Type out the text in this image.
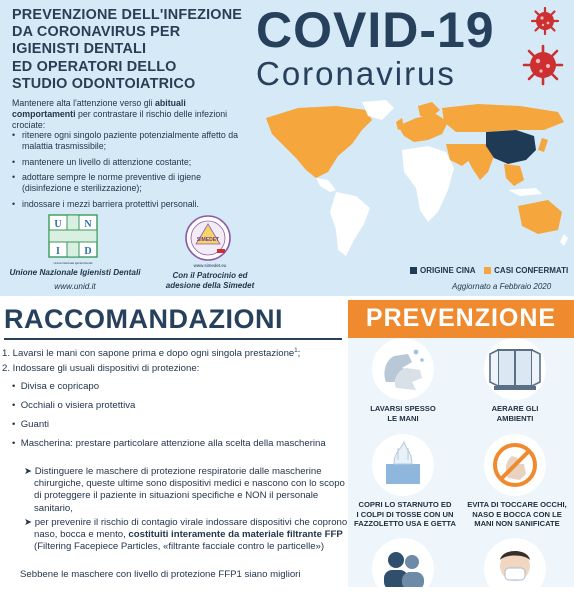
PREVENZIONE DELL'INFEZIONE
DA CORONAVIRUS PER
IGIENISTI DENTALI
ED OPERATORI DELLO
STUDIO ODONTOIATRICO
COVID-19
Coronavirus
Mantenere alta l'attenzione verso gli abituali comportamenti per contrastare il rischio delle infezioni crociate:
• ritenere ogni singolo paziente potenzialmente affetto da malattia trasmissibile;
• mantenere un livello di attenzione costante;
• adottare sempre le norme preventive di igiene (disinfezione e sterilizzazione);
• indossare i mezzi barriera protettivi personali.
U N
I D
Unione Nazionale Igienisti Dentali
Unione Nazionale Igienisti Dentali
www.unid.it
SIMEDET
www.simedet.eu
Con il Patrocinio ed
adesione della Simedet
ORIGINE CINA CASI CONFERMATI
Aggiornato a Febbraio 2020
RACCOMANDAZIONI
1. Lavarsi le mani con sapone prima e dopo ogni singola prestazione$^1$;
2. Indossare gli usuali dispositivi di protezione:
•  Divisa e copricapo
•  Occhiali o visiera protettiva
•  Guanti
•  Mascherina: prestare particolare attenzione alla scelta della mascherina
➤ Distinguere le maschere di protezione respiratorie dalle mascherine chirurgiche, queste ultime sono dispositivi medici e nascono con lo scopo di proteggere il paziente in situazioni specifiche e NON il personale sanitario,
➤ per prevenire il rischio di contagio virale indossare dispositivi che coprono naso, bocca e mento, costituiti interamente da materiale filtrante FFP (Filtering Facepiece Particles, «filtrante facciale contro le particelle»)
Sebbene le maschere con livello di protezione FFP1 siano migliori
PREVENZIONE
LAVARSI SPESSO
LE MANI
AERARE GLI
AMBIENTI
COPRI LO STARNUTO ED
I COLPI DI TOSSE CON UN
FAZZOLETTO USA E GETTA
EVITA DI TOCCARE OCCHI,
NASO E BOCCA CON LE
MANI NON SANIFICATE
